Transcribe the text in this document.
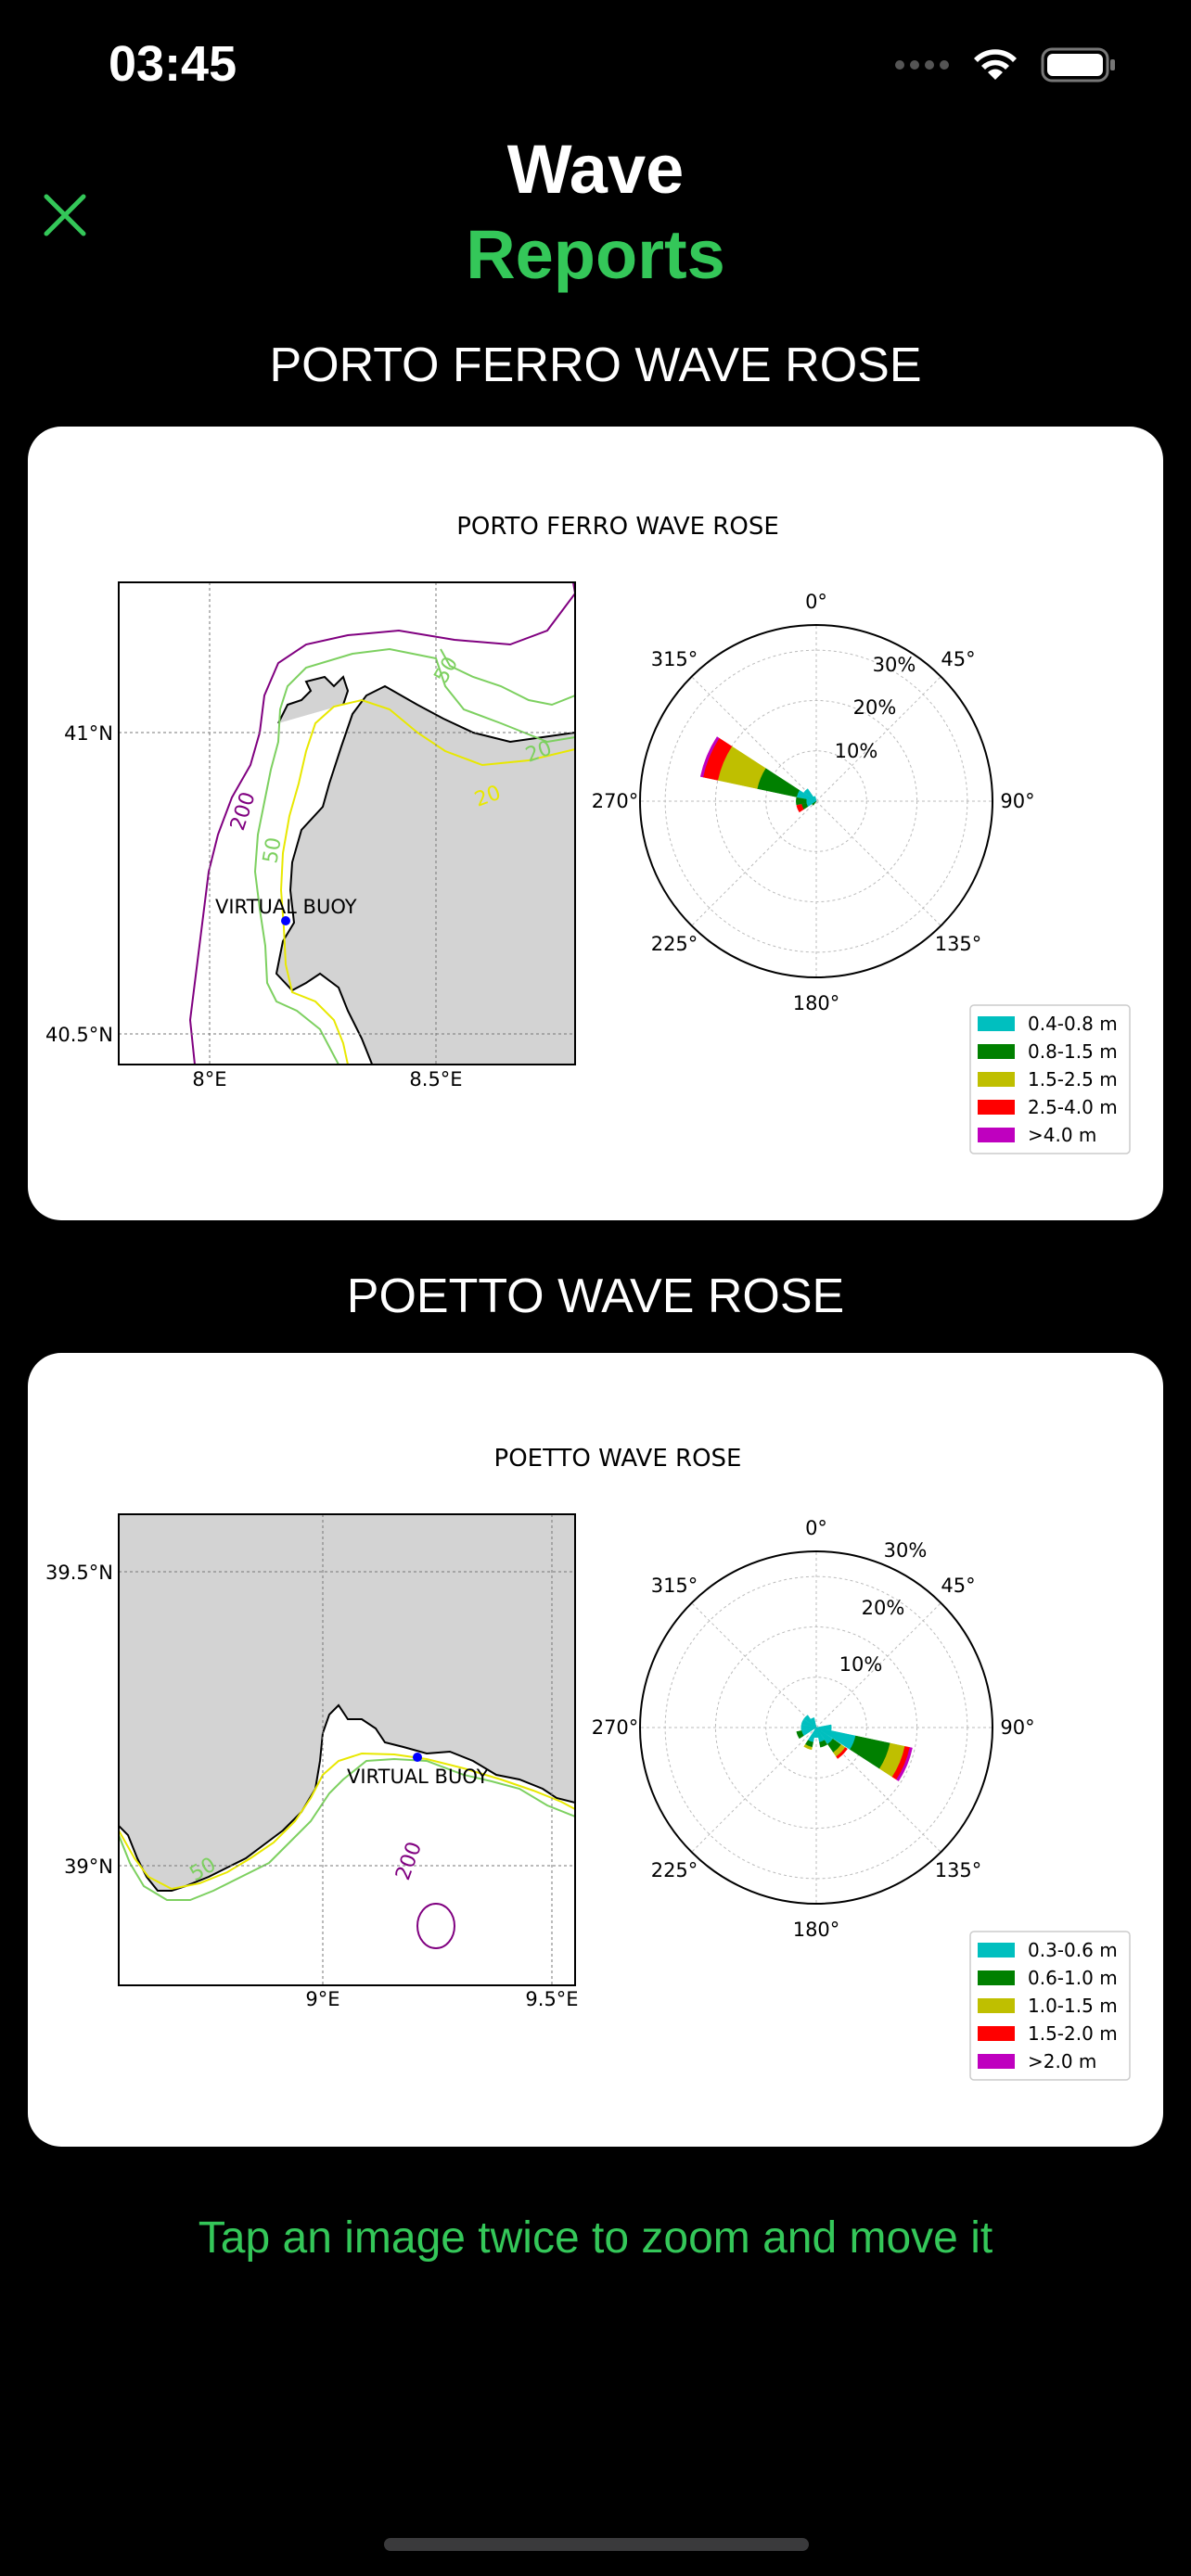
03:45
Wave
Reports
PORTO FERRO WAVE ROSE
PORTO FERRO WAVE ROSE
200
50
50
20
20
VIRTUAL BUOY
41°N
40.5°N
8°E	8.5°E
0°
45°
90°
135°
180°
225°
270°
315°
10%
20%
30%
0.4-0.8 m
0.8-1.5 m
1.5-2.5 m
2.5-4.0 m
>4.0 m
POETTO WAVE ROSE
POETTO WAVE ROSE
200
50
VIRTUAL BUOY
39.5°N
39°N
9°E	9.5°E
0°
45°
90°
135°
180°
225°
270°
315°
10%
20%
30%
0.3-0.6 m
0.6-1.0 m
1.0-1.5 m
1.5-2.0 m
>2.0 m
Tap an image twice to zoom and move it
